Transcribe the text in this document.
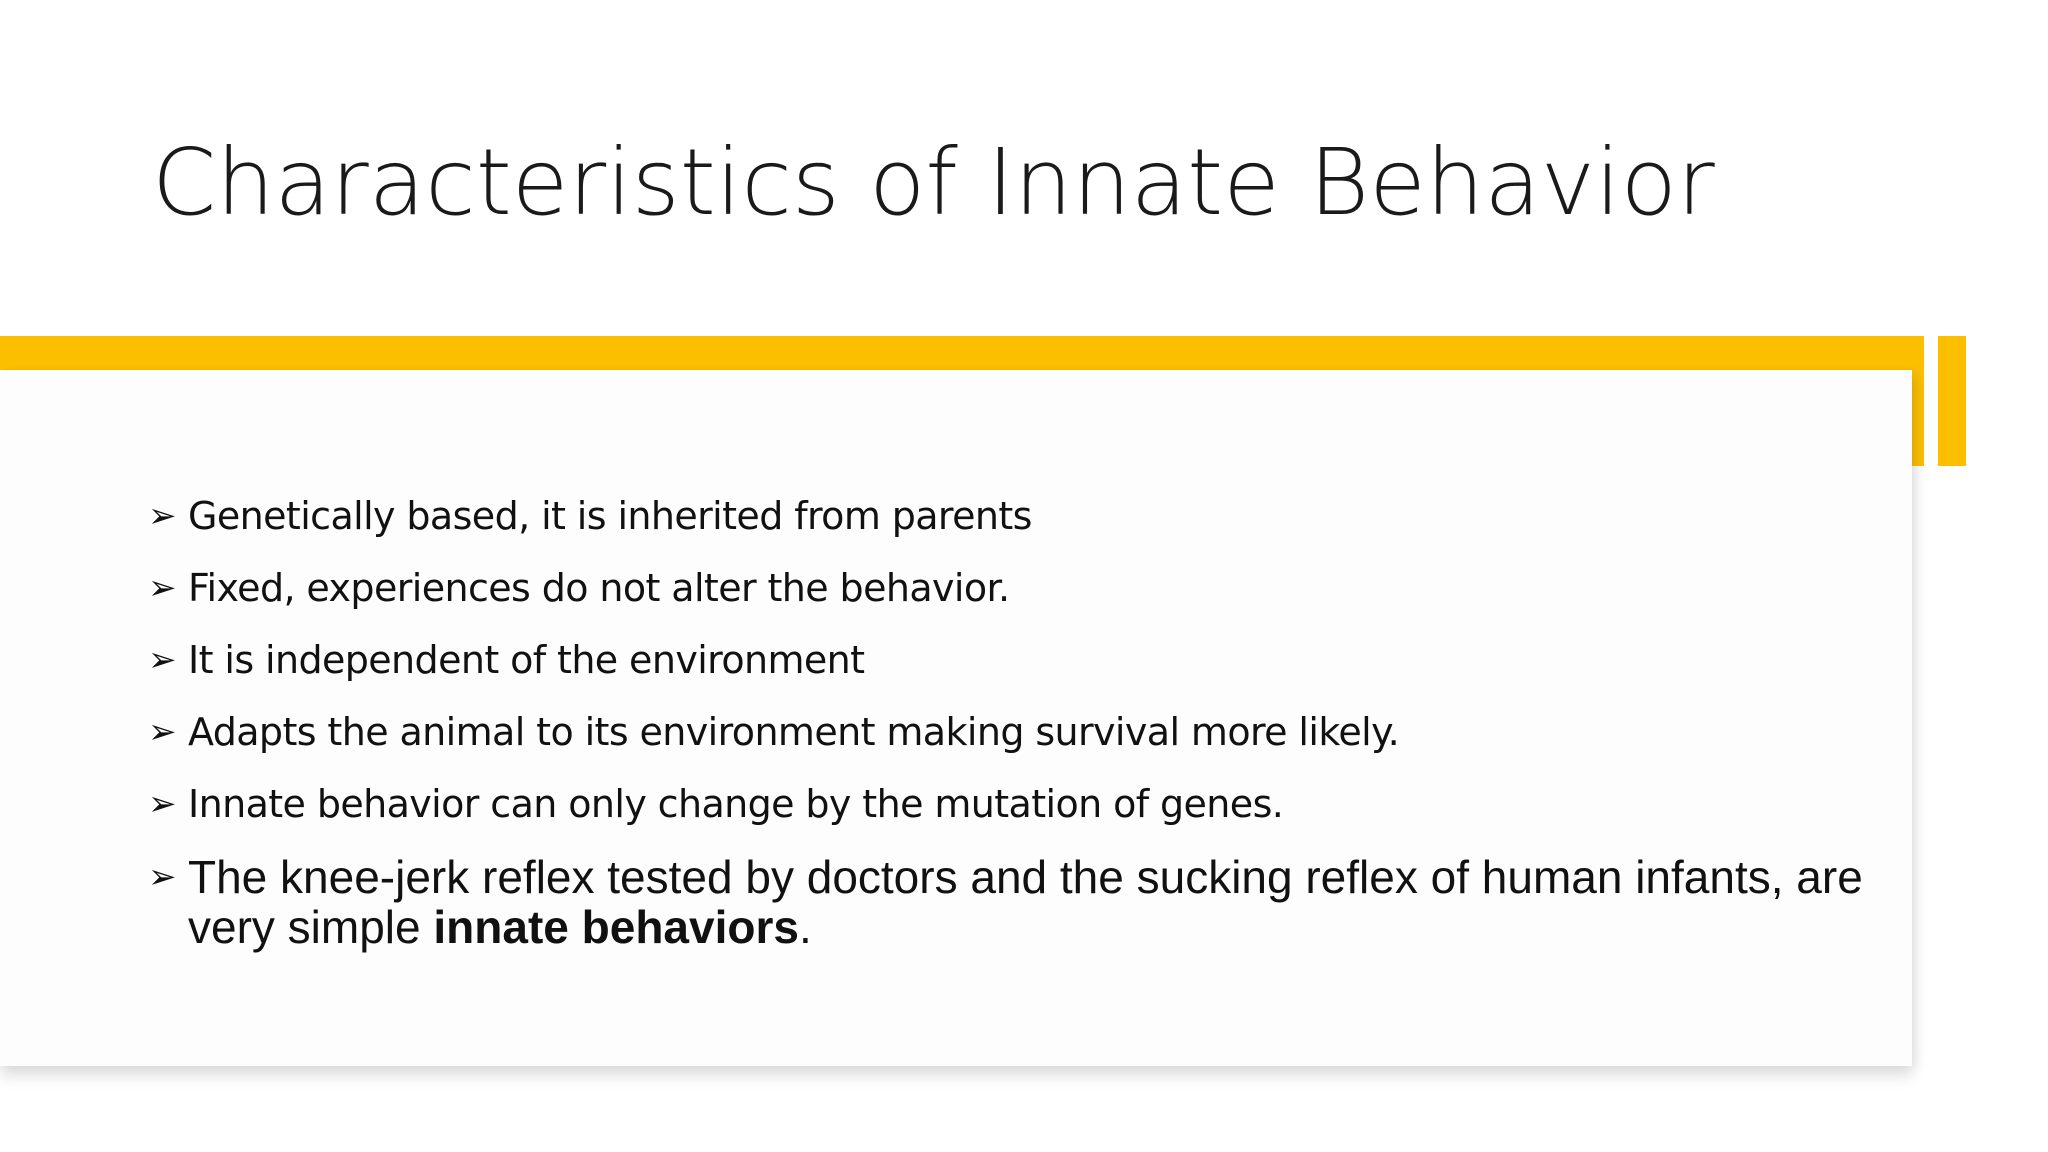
Characteristics of Innate Behavior
➢ Genetically based, it is inherited from parents
➢ Fixed, experiences do not alter the behavior.
➢ It is independent of the environment
➢ Adapts the animal to its environment making survival more likely.
➢ Innate behavior can only change by the mutation of genes.
➢ The knee-jerk reflex tested by doctors and the sucking reflex of human infants, are very simple innate behaviors.
